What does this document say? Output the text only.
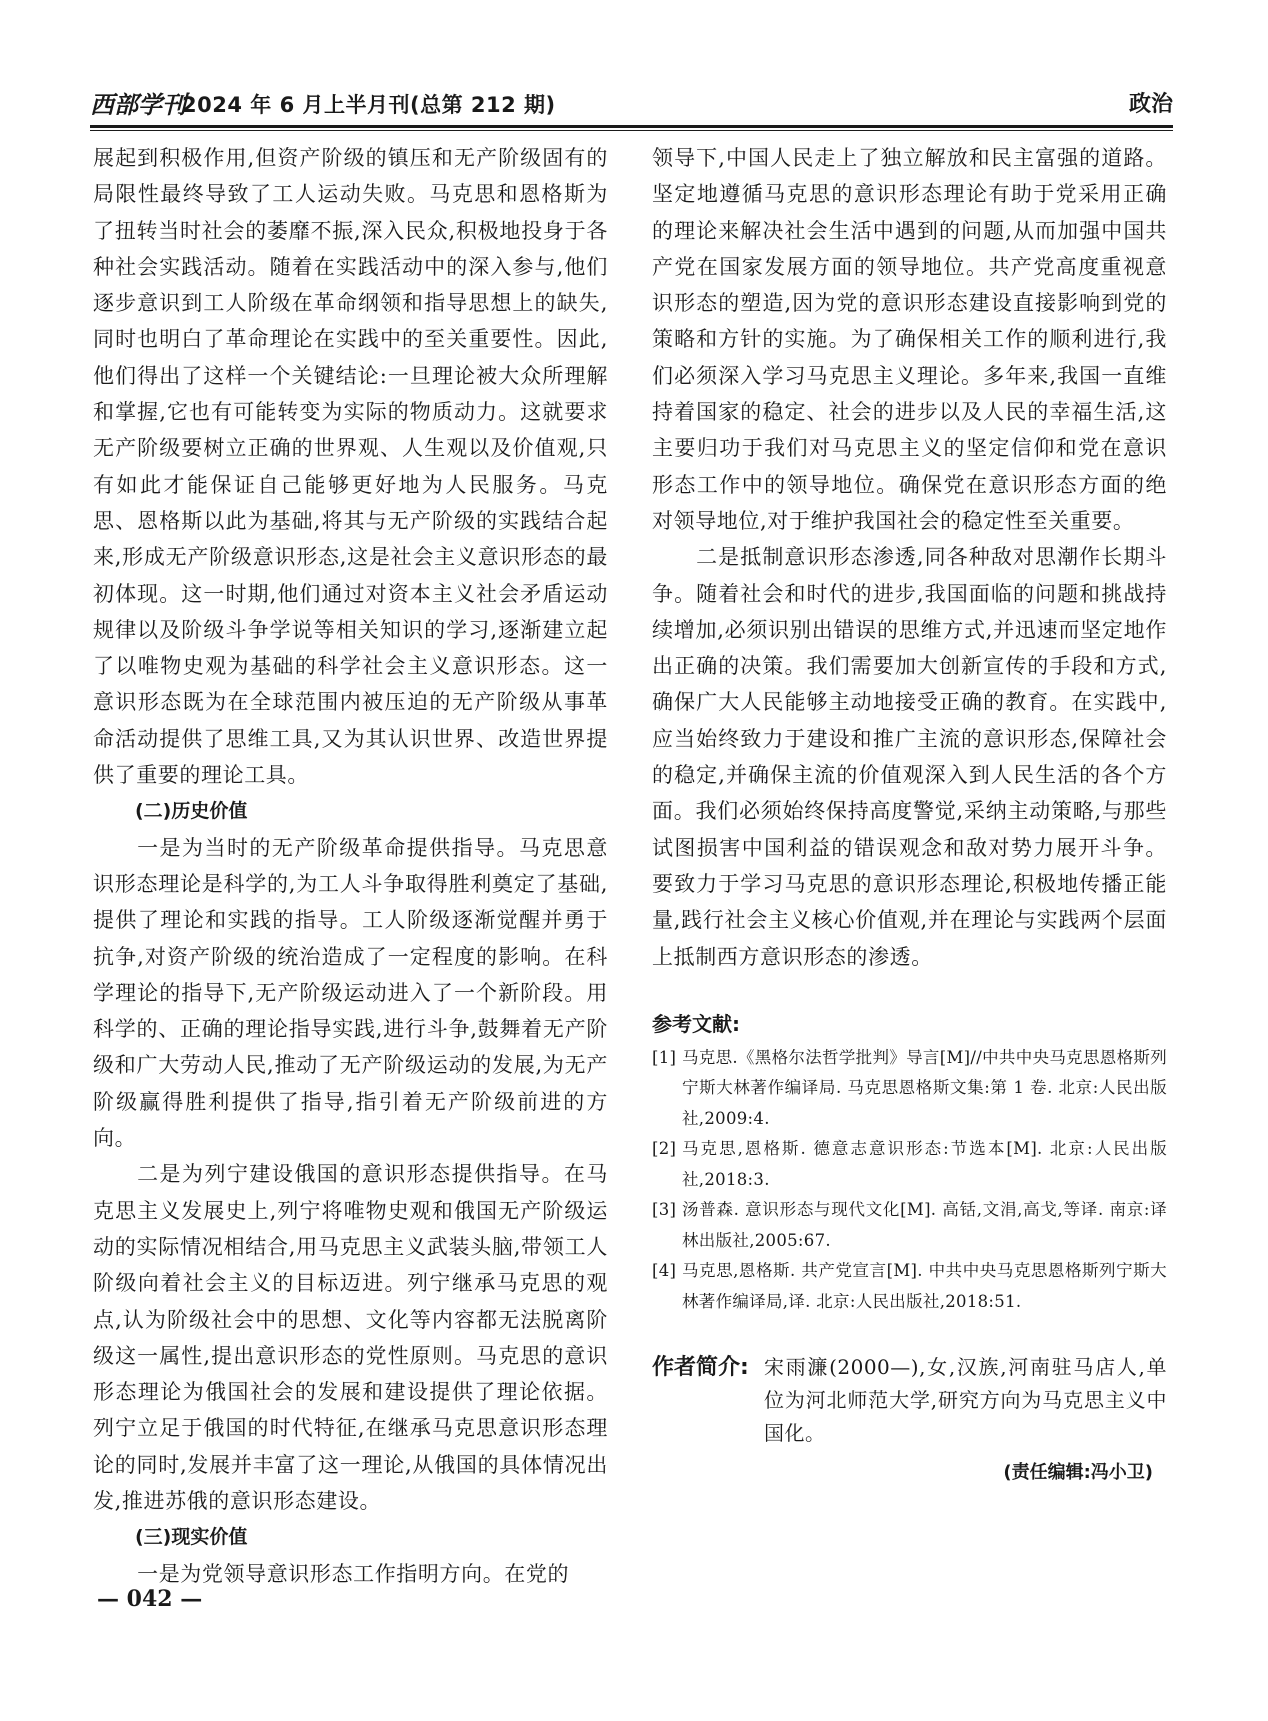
西部学刊
2024 年 6 月上半月刊(总第 212 期)	政治

展起到积极作用,但资产阶级的镇压和无产阶级固有的局限性最终导致了工人运动失败。马克思和恩格斯为了扭转当时社会的萎靡不振,深入民众,积极地投身于各种社会实践活动。随着在实践活动中的深入参与,他们逐步意识到工人阶级在革命纲领和指导思想上的缺失,同时也明白了革命理论在实践中的至关重要性。因此,他们得出了这样一个关键结论:一旦理论被大众所理解和掌握,它也有可能转变为实际的物质动力。这就要求无产阶级要树立正确的世界观、人生观以及价值观,只有如此才能保证自己能够更好地为人民服务。马克思、恩格斯以此为基础,将其与无产阶级的实践结合起来,形成无产阶级意识形态,这是社会主义意识形态的最初体现。这一时期,他们通过对资本主义社会矛盾运动规律以及阶级斗争学说等相关知识的学习,逐渐建立起了以唯物史观为基础的科学社会主义意识形态。这一意识形态既为在全球范围内被压迫的无产阶级从事革命活动提供了思维工具,又为其认识世界、改造世界提供了重要的理论工具。

(二)历史价值

一是为当时的无产阶级革命提供指导。马克思意识形态理论是科学的,为工人斗争取得胜利奠定了基础,提供了理论和实践的指导。工人阶级逐渐觉醒并勇于抗争,对资产阶级的统治造成了一定程度的影响。在科学理论的指导下,无产阶级运动进入了一个新阶段。用科学的、正确的理论指导实践,进行斗争,鼓舞着无产阶级和广大劳动人民,推动了无产阶级运动的发展,为无产阶级赢得胜利提供了指导,指引着无产阶级前进的方向。

二是为列宁建设俄国的意识形态提供指导。在马克思主义发展史上,列宁将唯物史观和俄国无产阶级运动的实际情况相结合,用马克思主义武装头脑,带领工人阶级向着社会主义的目标迈进。列宁继承马克思的观点,认为阶级社会中的思想、文化等内容都无法脱离阶级这一属性,提出意识形态的党性原则。马克思的意识形态理论为俄国社会的发展和建设提供了理论依据。列宁立足于俄国的时代特征,在继承马克思意识形态理论的同时,发展并丰富了这一理论,从俄国的具体情况出发,推进苏俄的意识形态建设。

(三)现实价值

一是为党领导意识形态工作指明方向。在党的

领导下,中国人民走上了独立解放和民主富强的道路。坚定地遵循马克思的意识形态理论有助于党采用正确的理论来解决社会生活中遇到的问题,从而加强中国共产党在国家发展方面的领导地位。共产党高度重视意识形态的塑造,因为党的意识形态建设直接影响到党的策略和方针的实施。为了确保相关工作的顺利进行,我们必须深入学习马克思主义理论。多年来,我国一直维持着国家的稳定、社会的进步以及人民的幸福生活,这主要归功于我们对马克思主义的坚定信仰和党在意识形态工作中的领导地位。确保党在意识形态方面的绝对领导地位,对于维护我国社会的稳定性至关重要。

二是抵制意识形态渗透,同各种敌对思潮作长期斗争。随着社会和时代的进步,我国面临的问题和挑战持续增加,必须识别出错误的思维方式,并迅速而坚定地作出正确的决策。我们需要加大创新宣传的手段和方式,确保广大人民能够主动地接受正确的教育。在实践中,应当始终致力于建设和推广主流的意识形态,保障社会的稳定,并确保主流的价值观深入到人民生活的各个方面。我们必须始终保持高度警觉,采纳主动策略,与那些试图损害中国利益的错误观念和敌对势力展开斗争。要致力于学习马克思的意识形态理论,积极地传播正能量,践行社会主义核心价值观,并在理论与实践两个层面上抵制西方意识形态的渗透。

参考文献:
[1] 马克思.《黑格尔法哲学批判》导言[M]//中共中央马克思恩格斯列宁斯大林著作编译局. 马克思恩格斯文集:第 1 卷. 北京:人民出版社,2009:4.
[2] 马克思,恩格斯. 德意志意识形态:节选本[M]. 北京:人民出版社,2018:3.
[3] 汤普森. 意识形态与现代文化[M]. 高铦,文涓,高戈,等译. 南京:译林出版社,2005:67.
[4] 马克思,恩格斯. 共产党宣言[M]. 中共中央马克思恩格斯列宁斯大林著作编译局,译. 北京:人民出版社,2018:51.
作者简介: 宋雨濂(2000—),女,汉族,河南驻马店人,单位为河北师范大学,研究方向为马克思主义中国化。
(责任编辑:冯小卫)
— 042 —
